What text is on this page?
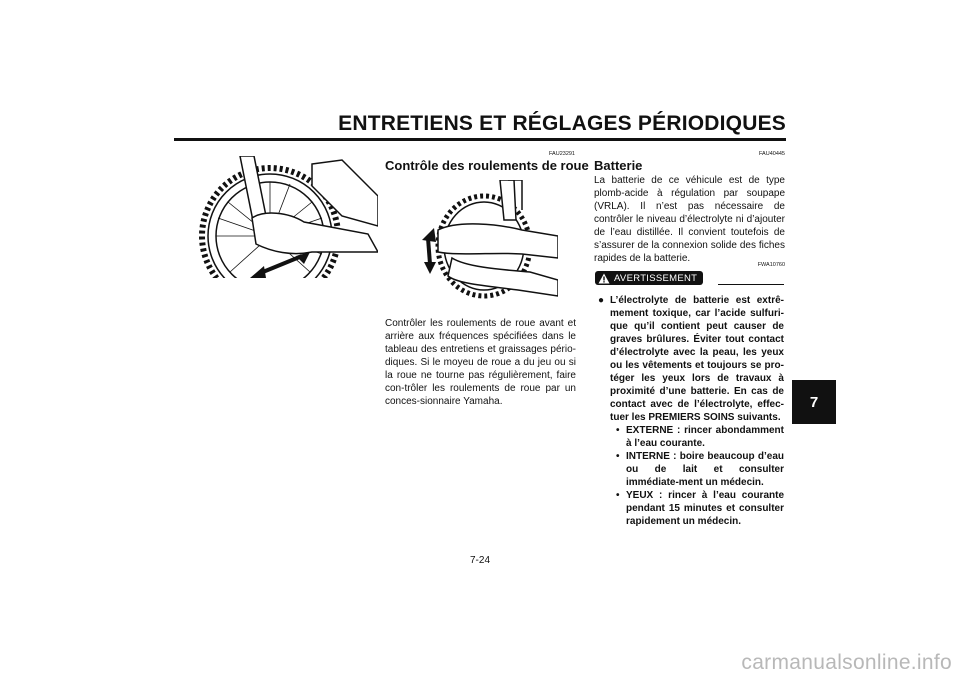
ENTRETIENS ET RÉGLAGES PÉRIODIQUES
7
FAU23291
Contrôle des roulements de roue
Contrôler les roulements de roue avant et arrière aux fréquences spécifiées dans le tableau des entretiens et graissages pério-diques. Si le moyeu de roue a du jeu ou si la roue ne tourne pas régulièrement, faire con-trôler les roulements de roue par un conces-sionnaire Yamaha.
FAU40445
Batterie
La batterie de ce véhicule est de type plomb-acide à régulation par soupape (VRLA). Il n’est pas nécessaire de contrôler le niveau d’électrolyte ni d’ajouter de l’eau distillée. Il convient toutefois de s’assurer de la connexion solide des fiches rapides de la batterie.
FWA10760
AVERTISSEMENT
● L’électrolyte de batterie est extrê-mement toxique, car l’acide sulfuri-que qu’il contient peut causer de graves brûlures. Éviter tout contact d’électrolyte avec la peau, les yeux ou les vêtements et toujours se pro-téger les yeux lors de travaux à proximité d’une batterie. En cas de contact avec de l’électrolyte, effec-tuer les PREMIERS SOINS suivants.
• EXTERNE : rincer abondamment à l’eau courante.
• INTERNE : boire beaucoup d’eau ou de lait et consulter immédiate-ment un médecin.
• YEUX : rincer à l’eau courante pendant 15 minutes et consulter rapidement un médecin.
7-24
carmanualsonline.info
